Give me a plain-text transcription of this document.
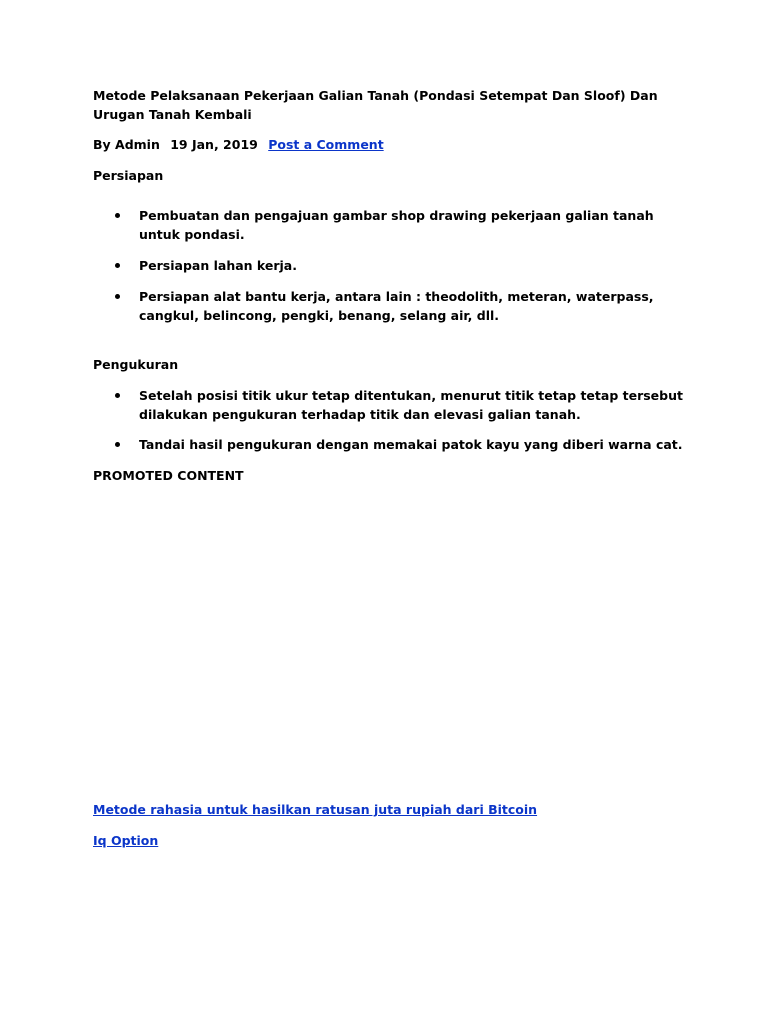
Metode Pelaksanaan Pekerjaan Galian Tanah (Pondasi Setempat Dan Sloof) Dan Urugan Tanah Kembali
By Admin 19 Jan, 2019 Post a Comment
Persiapan
Pembuatan dan pengajuan gambar shop drawing pekerjaan galian tanah untuk pondasi.
Persiapan lahan kerja.
Persiapan alat bantu kerja, antara lain : theodolith, meteran, waterpass, cangkul, belincong, pengki, benang, selang air, dll.
Pengukuran
Setelah posisi titik ukur tetap ditentukan, menurut titik tetap tetap tersebut dilakukan pengukuran terhadap titik dan elevasi galian tanah.
Tandai hasil pengukuran dengan memakai patok kayu yang diberi warna cat.
PROMOTED CONTENT
Metode rahasia untuk hasilkan ratusan juta rupiah dari Bitcoin
Iq Option
